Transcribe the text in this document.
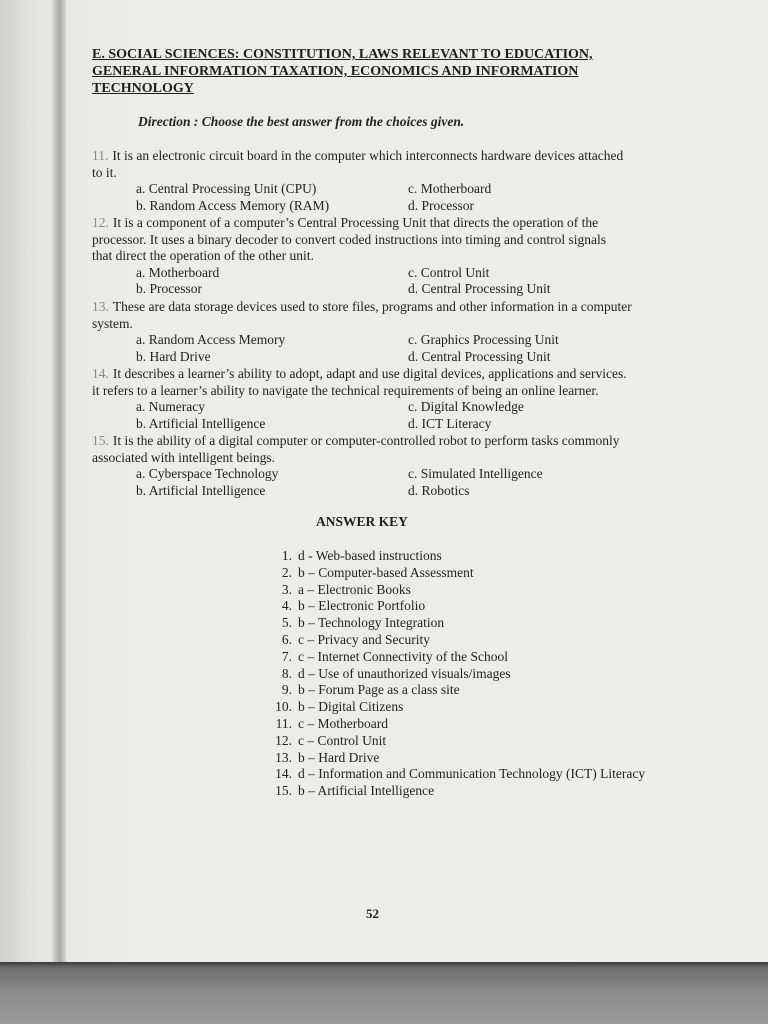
E. SOCIAL SCIENCES: CONSTITUTION, LAWS RELEVANT TO EDUCATION,
GENERAL INFORMATION TAXATION, ECONOMICS AND INFORMATION
TECHNOLOGY
Direction : Choose the best answer from the choices given.
11. It is an electronic circuit board in the computer which interconnects hardware devices attached
to it.
a. Central Processing Unit (CPU)	c. Motherboard
b. Random Access Memory (RAM)	d. Processor
12. It is a component of a computer’s Central Processing Unit that directs the operation of the
processor. It uses a binary decoder to convert coded instructions into timing and control signals
that direct the operation of the other unit.
a. Motherboard	c. Control Unit
b. Processor	d. Central Processing Unit
13. These are data storage devices used to store files, programs and other information in a computer
system.
a. Random Access Memory	c. Graphics Processing Unit
b. Hard Drive	d. Central Processing Unit
14. It describes a learner’s ability to adopt, adapt and use digital devices, applications and services.
it refers to a learner’s ability to navigate the technical requirements of being an online learner.
a. Numeracy	c. Digital Knowledge
b. Artificial Intelligence	d. ICT Literacy
15. It is the ability of a digital computer or computer-controlled robot to perform tasks commonly
associated with intelligent beings.
a. Cyberspace Technology	c. Simulated Intelligence
b. Artificial Intelligence	d. Robotics
ANSWER KEY
1. d - Web-based instructions
2. b – Computer-based Assessment
3. a – Electronic Books
4. b – Electronic Portfolio
5. b – Technology Integration
6. c – Privacy and Security
7. c – Internet Connectivity of the School
8. d – Use of unauthorized visuals/images
9. b – Forum Page as a class site
10. b – Digital Citizens
11. c – Motherboard
12. c – Control Unit
13. b – Hard Drive
14. d – Information and Communication Technology (ICT) Literacy
15. b – Artificial Intelligence
52
